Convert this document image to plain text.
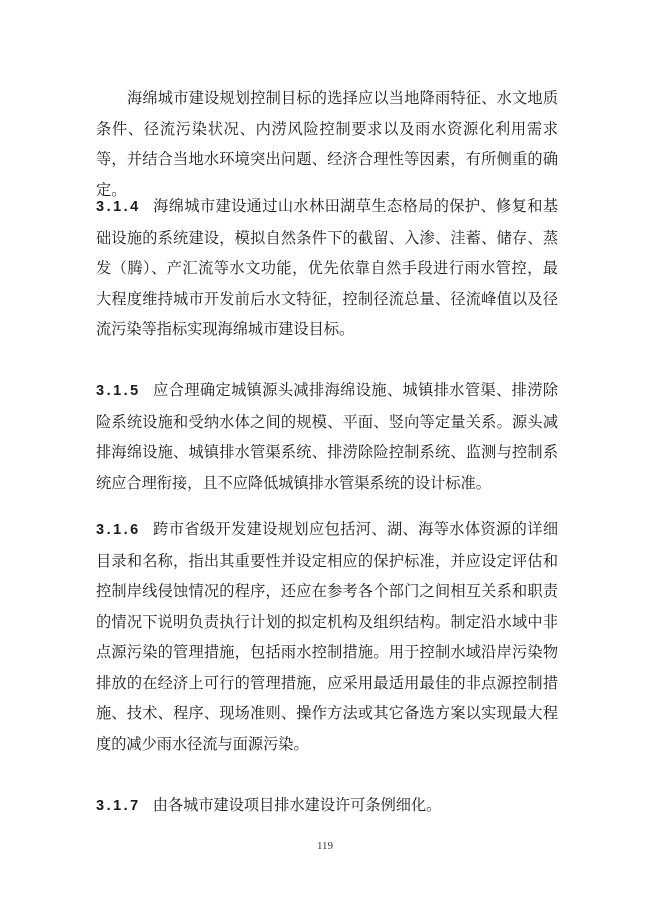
海绵城市建设规划控制目标的选择应以当地降雨特征、水文地质条件、径流污染状况、内涝风险控制要求以及雨水资源化利用需求等，并结合当地水环境突出问题、经济合理性等因素，有所侧重的确定。

3.1.4 海绵城市建设通过山水林田湖草生态格局的保护、修复和基础设施的系统建设，模拟自然条件下的截留、入渗、洼蓄、储存、蒸发（腾）、产汇流等水文功能，优先依靠自然手段进行雨水管控，最大程度维持城市开发前后水文特征，控制径流总量、径流峰值以及径流污染等指标实现海绵城市建设目标。

3.1.5 应合理确定城镇源头减排海绵设施、城镇排水管渠、排涝除险系统设施和受纳水体之间的规模、平面、竖向等定量关系。源头减排海绵设施、城镇排水管渠系统、排涝除险控制系统、监测与控制系统应合理衔接，且不应降低城镇排水管渠系统的设计标准。

3.1.6 跨市省级开发建设规划应包括河、湖、海等水体资源的详细目录和名称，指出其重要性并设定相应的保护标准，并应设定评估和控制岸线侵蚀情况的程序，还应在参考各个部门之间相互关系和职责的情况下说明负责执行计划的拟定机构及组织结构。制定沿水域中非点源污染的管理措施，包括雨水控制措施。用于控制水域沿岸污染物排放的在经济上可行的管理措施，应采用最适用最佳的非点源控制措施、技术、程序、现场准则、操作方法或其它备选方案以实现最大程度的减少雨水径流与面源污染。

3.1.7 由各城市建设项目排水建设许可条例细化。

119
